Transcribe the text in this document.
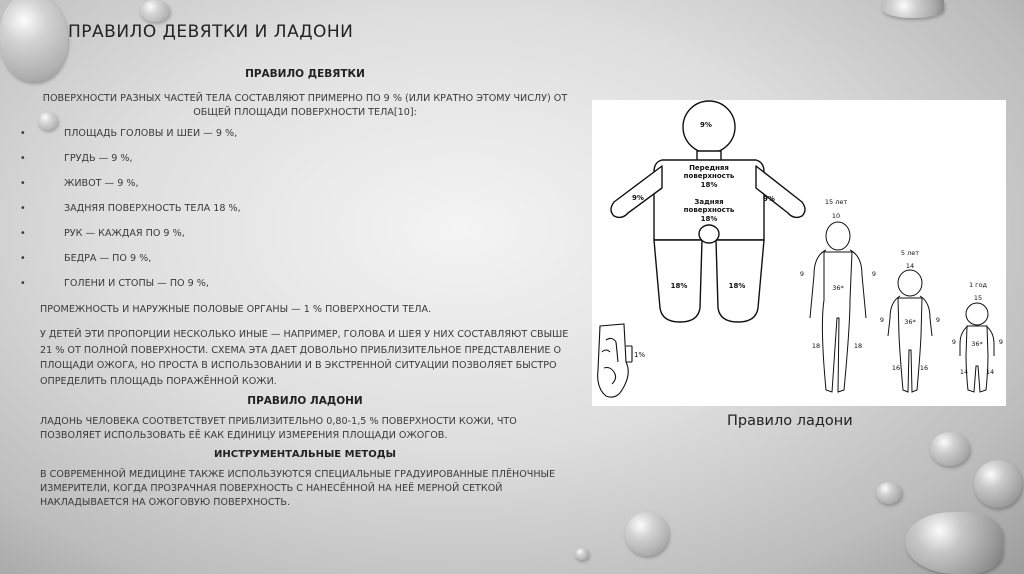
ПРАВИЛО ДЕВЯТКИ И ЛАДОНИ
ПРАВИЛО ДЕВЯТКИ
ПОВЕРХНОСТИ РАЗНЫХ ЧАСТЕЙ ТЕЛА СОСТАВЛЯЮТ ПРИМЕРНО ПО 9 % (ИЛИ КРАТНО ЭТОМУ ЧИСЛУ) ОТ ОБЩЕЙ ПЛОЩАДИ ПОВЕРХНОСТИ ТЕЛА[10]:
•	ПЛОЩАДЬ ГОЛОВЫ И ШЕИ — 9 %,
•	ГРУДЬ — 9 %,
•	ЖИВОТ — 9 %,
•	ЗАДНЯЯ ПОВЕРХНОСТЬ ТЕЛА 18 %,
•	РУК — КАЖДАЯ ПО 9 %,
•	БЕДРА — ПО 9 %,
•	ГОЛЕНИ И СТОПЫ — ПО 9 %,
ПРОМЕЖНОСТЬ И НАРУЖНЫЕ ПОЛОВЫЕ ОРГАНЫ — 1 % ПОВЕРХНОСТИ ТЕЛА.
У ДЕТЕЙ ЭТИ ПРОПОРЦИИ НЕСКОЛЬКО ИНЫЕ — НАПРИМЕР, ГОЛОВА И ШЕЯ У НИХ СОСТАВЛЯЮТ СВЫШЕ 21 % ОТ ПОЛНОЙ ПОВЕРХНОСТИ. СХЕМА ЭТА ДАЕТ ДОВОЛЬНО ПРИБЛИЗИТЕЛЬНОЕ ПРЕДСТАВЛЕНИЕ О ПЛОЩАДИ ОЖОГА, НО ПРОСТА В ИСПОЛЬЗОВАНИИ И В ЭКСТРЕННОЙ СИТУАЦИИ ПОЗВОЛЯЕТ БЫСТРО ОПРЕДЕЛИТЬ ПЛОЩАДЬ ПОРАЖЁННОЙ КОЖИ.
ПРАВИЛО ЛАДОНИ
ЛАДОНЬ ЧЕЛОВЕКА СООТВЕТСТВУЕТ ПРИБЛИЗИТЕЛЬНО 0,80-1,5 % ПОВЕРХНОСТИ КОЖИ, ЧТО ПОЗВОЛЯЕТ ИСПОЛЬЗОВАТЬ ЕЁ КАК ЕДИНИЦУ ИЗМЕРЕНИЯ ПЛОЩАДИ ОЖОГОВ.
ИНСТРУМЕНТАЛЬНЫЕ МЕТОДЫ
В СОВРЕМЕННОЙ МЕДИЦИНЕ ТАКЖЕ ИСПОЛЬЗУЮТСЯ СПЕЦИАЛЬНЫЕ ГРАДУИРОВАННЫЕ ПЛЁНОЧНЫЕ ИЗМЕРИТЕЛИ, КОГДА ПРОЗРАЧНАЯ ПОВЕРХНОСТЬ С НАНЕСЁННОЙ НА НЕЁ МЕРНОЙ СЕТКОЙ НАКЛАДЫВАЕТСЯ НА ОЖОГОВУЮ ПОВЕРХНОСТЬ.
9%
Передняя
поверхность
18%
Задняя
поверхность
18%
9%	9%
18%	18%
1%
15 лет
10
9	9
36*
18	18
5 лет
14
9	9
36*
16	16
1 год
15
9	9
36*
14	14
Правило ладони
